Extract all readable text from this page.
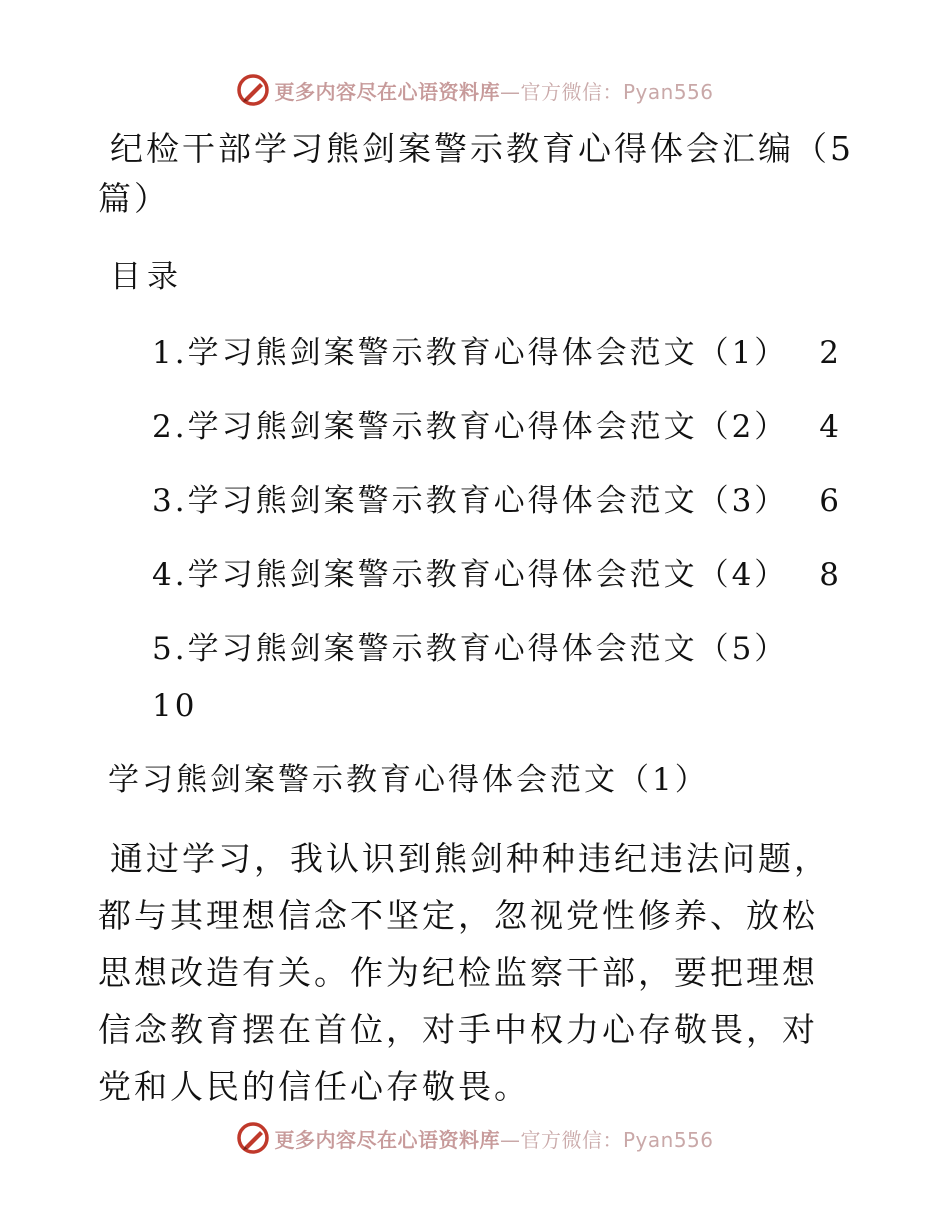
更多内容尽在心语资料库—官方微信：Pyan556
纪检干部学习熊剑案警示教育心得体会汇编（5篇）
目录
1.学习熊剑案警示教育心得体会范文（1） 2
2.学习熊剑案警示教育心得体会范文（2） 4
3.学习熊剑案警示教育心得体会范文（3） 6
4.学习熊剑案警示教育心得体会范文（4） 8
5.学习熊剑案警示教育心得体会范文（5）
10
学习熊剑案警示教育心得体会范文（1）

通过学习，我认识到熊剑种种违纪违法问题，都与其理想信念不坚定，忽视党性修养、放松思想改造有关。作为纪检监察干部，要把理想信念教育摆在首位，对手中权力心存敬畏，对党和人民的信任心存敬畏。

更多内容尽在心语资料库—官方微信：Pyan556
